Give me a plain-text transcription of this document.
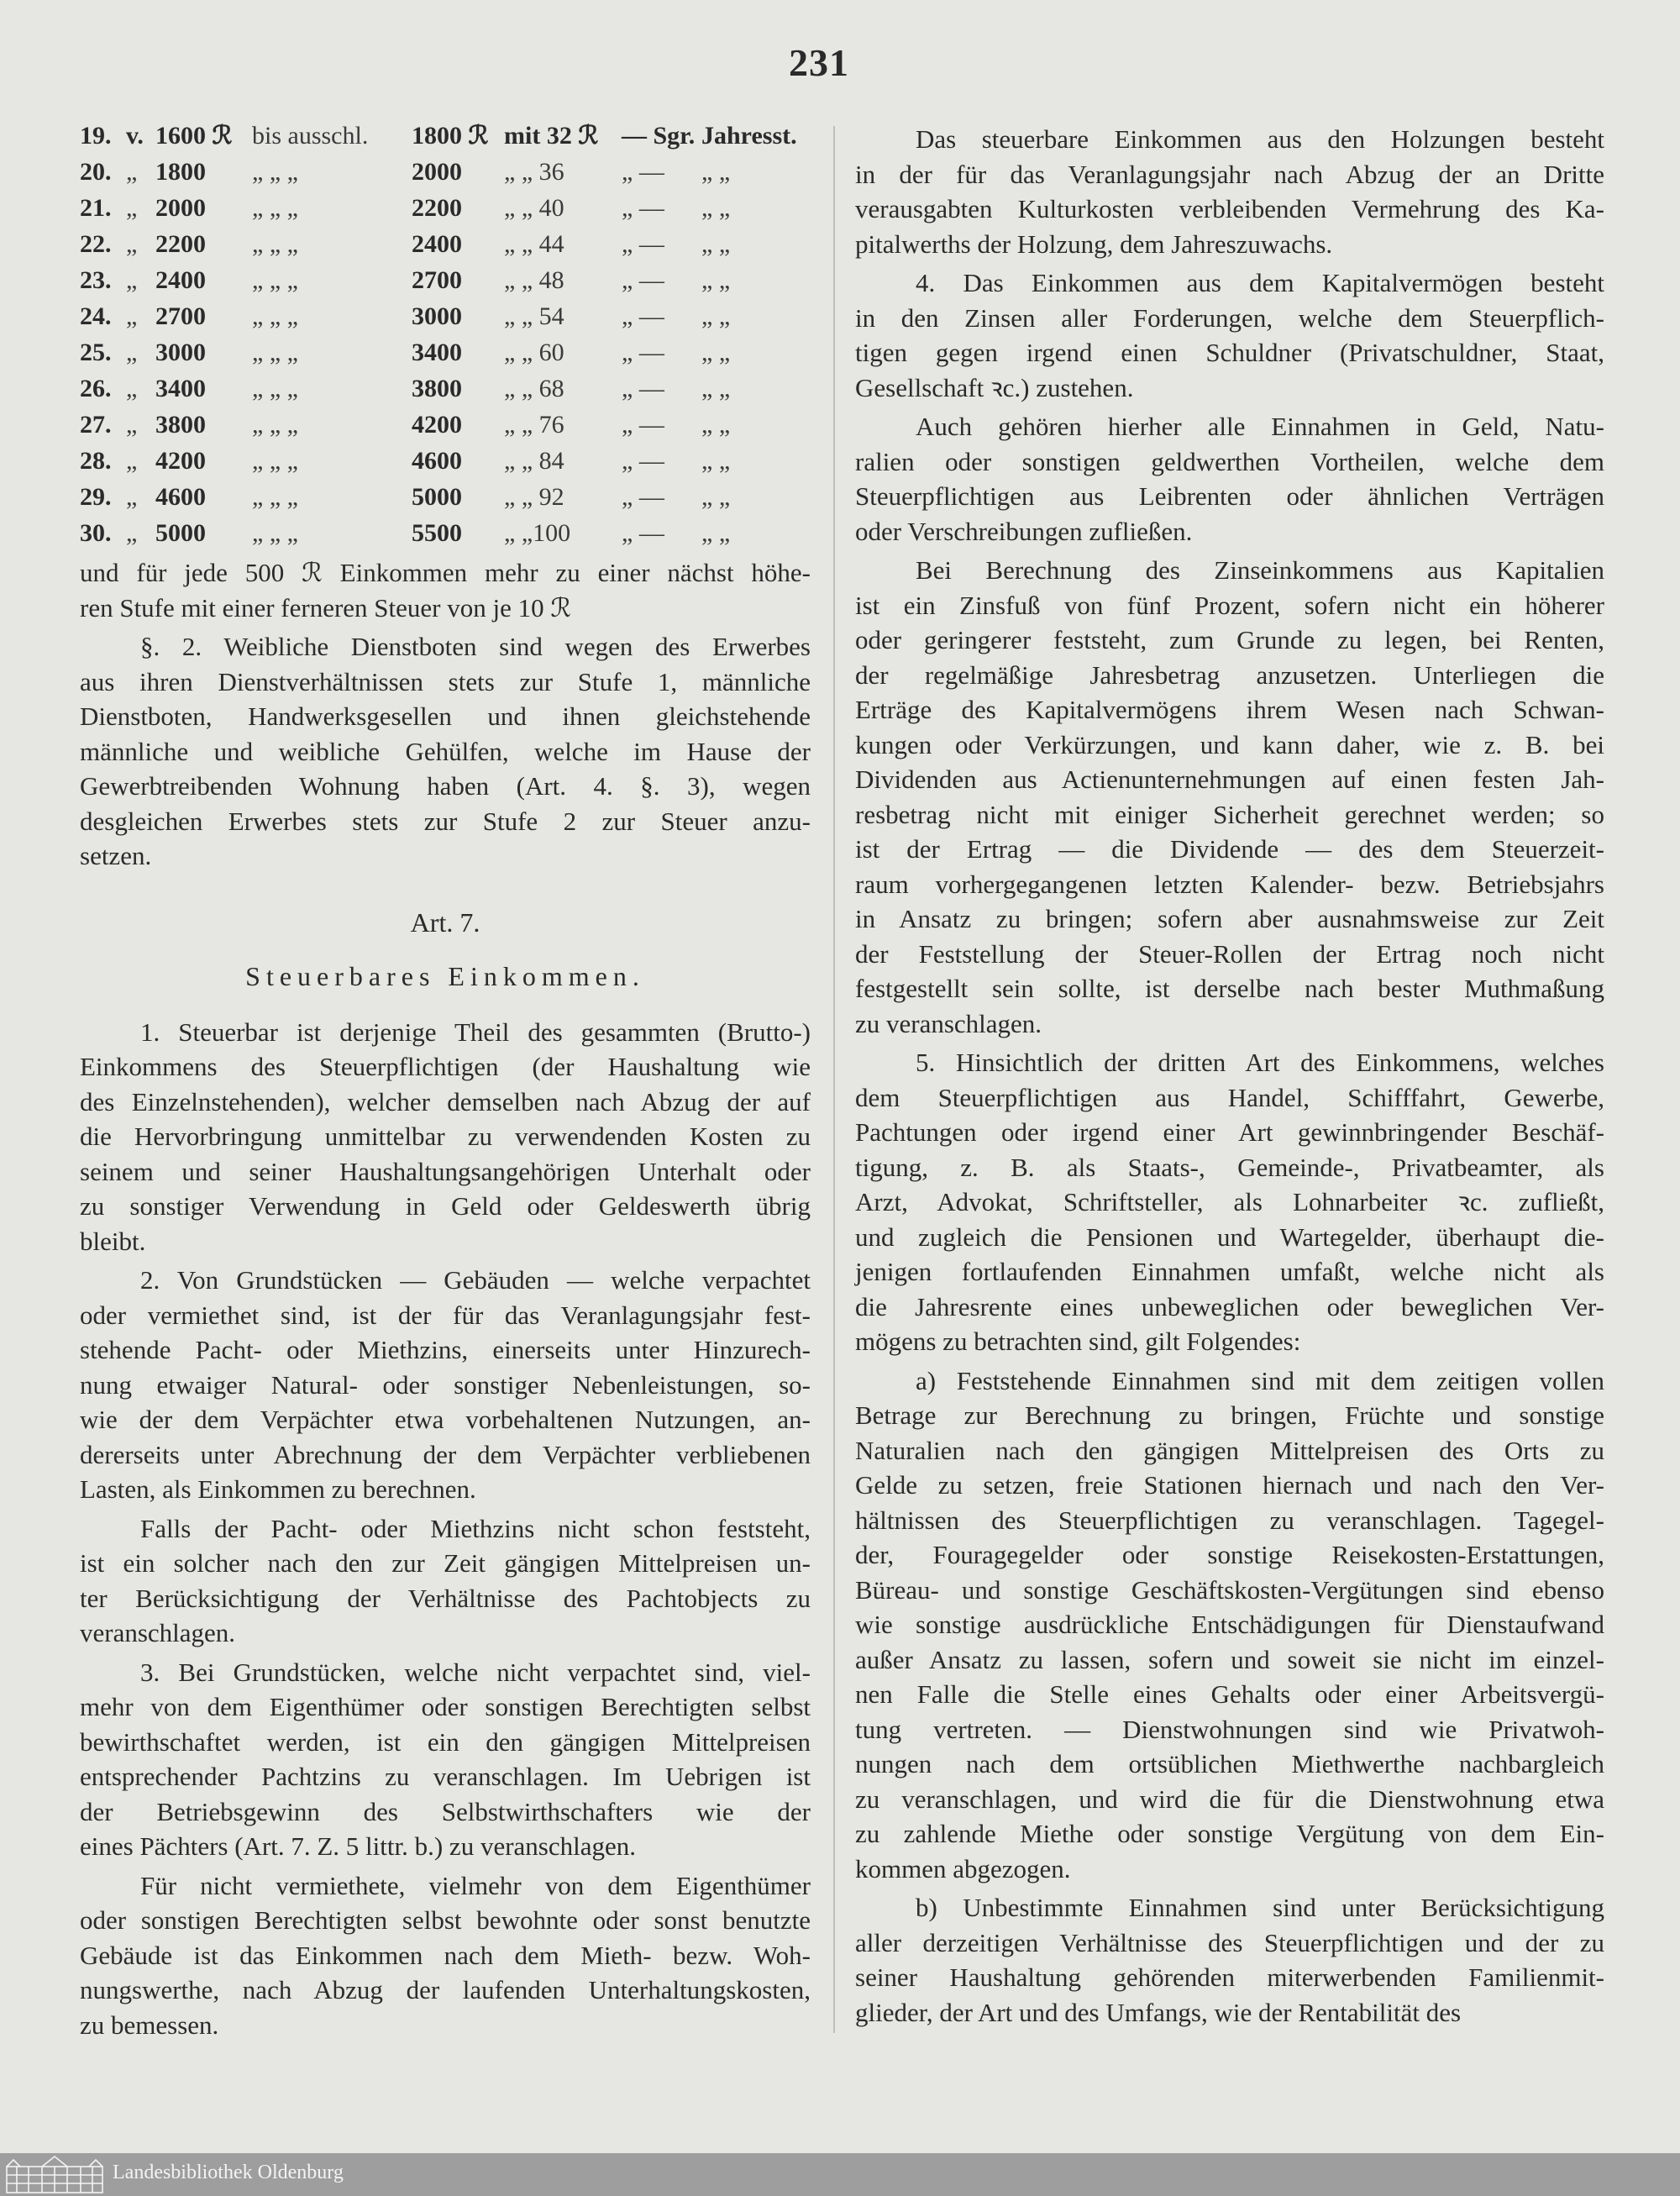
231
19. v. 1600 ℛ bis ausschl.	1800 ℛ mit 32 ℛ — Sgr. Jahresst.
20. „ 1800	„ „ „	2000	„ „ 36	„ —	„ „
21. „ 2000	„ „ „	2200	„ „ 40	„ —	„ „
22. „ 2200	„ „ „	2400	„ „ 44	„ —	„ „
23. „ 2400	„ „ „	2700	„ „ 48	„ —	„ „
24. „ 2700	„ „ „	3000	„ „ 54	„ —	„ „
25. „ 3000	„ „ „	3400	„ „ 60	„ —	„ „
26. „ 3400	„ „ „	3800	„ „ 68	„ —	„ „
27. „ 3800	„ „ „	4200	„ „ 76	„ —	„ „
28. „ 4200	„ „ „	4600	„ „ 84	„ —	„ „
29. „ 4600	„ „ „	5000	„ „ 92	„ —	„ „
30. „ 5000	„ „ „	5500	„ „100	„ —	„ „
und für jede 500 ℛ Einkommen mehr zu einer nächst höhe-
ren Stufe mit einer ferneren Steuer von je 10 ℛ
§. 2. Weibliche Dienstboten sind wegen des Erwerbes
aus ihren Dienstverhältnissen stets zur Stufe 1, männliche
Dienstboten, Handwerksgesellen und ihnen gleichstehende
männliche und weibliche Gehülfen, welche im Hause der
Gewerbtreibenden Wohnung haben (Art. 4. §. 3), wegen
desgleichen Erwerbes stets zur Stufe 2 zur Steuer anzu-
setzen.
Art. 7.
Steuerbares Einkommen.
1. Steuerbar ist derjenige Theil des gesammten (Brutto-)
Einkommens des Steuerpflichtigen (der Haushaltung wie
des Einzelnstehenden), welcher demselben nach Abzug der auf
die Hervorbringung unmittelbar zu verwendenden Kosten zu
seinem und seiner Haushaltungsangehörigen Unterhalt oder
zu sonstiger Verwendung in Geld oder Geldeswerth übrig
bleibt.
2. Von Grundstücken — Gebäuden — welche verpachtet
oder vermiethet sind, ist der für das Veranlagungsjahr fest-
stehende Pacht- oder Miethzins, einerseits unter Hinzurech-
nung etwaiger Natural- oder sonstiger Nebenleistungen, so-
wie der dem Verpächter etwa vorbehaltenen Nutzungen, an-
dererseits unter Abrechnung der dem Verpächter verbliebenen
Lasten, als Einkommen zu berechnen.
Falls der Pacht- oder Miethzins nicht schon feststeht,
ist ein solcher nach den zur Zeit gängigen Mittelpreisen un-
ter Berücksichtigung der Verhältnisse des Pachtobjects zu
veranschlagen.
3. Bei Grundstücken, welche nicht verpachtet sind, viel-
mehr von dem Eigenthümer oder sonstigen Berechtigten selbst
bewirthschaftet werden, ist ein den gängigen Mittelpreisen
entsprechender Pachtzins zu veranschlagen. Im Uebrigen ist
der Betriebsgewinn des Selbstwirthschafters wie der
eines Pächters (Art. 7. Z. 5 littr. b.) zu veranschlagen.
Für nicht vermiethete, vielmehr von dem Eigenthümer
oder sonstigen Berechtigten selbst bewohnte oder sonst benutzte
Gebäude ist das Einkommen nach dem Mieth- bezw. Woh-
nungswerthe, nach Abzug der laufenden Unterhaltungskosten,
zu bemessen.
Das steuerbare Einkommen aus den Holzungen besteht
in der für das Veranlagungsjahr nach Abzug der an Dritte
verausgabten Kulturkosten verbleibenden Vermehrung des Ka-
pitalwerths der Holzung, dem Jahreszuwachs.
4. Das Einkommen aus dem Kapitalvermögen besteht
in den Zinsen aller Forderungen, welche dem Steuerpflich-
tigen gegen irgend einen Schuldner (Privatschuldner, Staat,
Gesellschaft ꝛc.) zustehen.
Auch gehören hierher alle Einnahmen in Geld, Natu-
ralien oder sonstigen geldwerthen Vortheilen, welche dem
Steuerpflichtigen aus Leibrenten oder ähnlichen Verträgen
oder Verschreibungen zufließen.
Bei Berechnung des Zinseinkommens aus Kapitalien
ist ein Zinsfuß von fünf Prozent, sofern nicht ein höherer
oder geringerer feststeht, zum Grunde zu legen, bei Renten,
der regelmäßige Jahresbetrag anzusetzen. Unterliegen die
Erträge des Kapitalvermögens ihrem Wesen nach Schwan-
kungen oder Verkürzungen, und kann daher, wie z. B. bei
Dividenden aus Actienunternehmungen auf einen festen Jah-
resbetrag nicht mit einiger Sicherheit gerechnet werden; so
ist der Ertrag — die Dividende — des dem Steuerzeit-
raum vorhergegangenen letzten Kalender- bezw. Betriebsjahrs
in Ansatz zu bringen; sofern aber ausnahmsweise zur Zeit
der Feststellung der Steuer-Rollen der Ertrag noch nicht
festgestellt sein sollte, ist derselbe nach bester Muthmaßung
zu veranschlagen.
5. Hinsichtlich der dritten Art des Einkommens, welches
dem Steuerpflichtigen aus Handel, Schifffahrt, Gewerbe,
Pachtungen oder irgend einer Art gewinnbringender Beschäf-
tigung, z. B. als Staats-, Gemeinde-, Privatbeamter, als
Arzt, Advokat, Schriftsteller, als Lohnarbeiter ꝛc. zufließt,
und zugleich die Pensionen und Wartegelder, überhaupt die-
jenigen fortlaufenden Einnahmen umfaßt, welche nicht als
die Jahresrente eines unbeweglichen oder beweglichen Ver-
mögens zu betrachten sind, gilt Folgendes:
a) Feststehende Einnahmen sind mit dem zeitigen vollen
Betrage zur Berechnung zu bringen, Früchte und sonstige
Naturalien nach den gängigen Mittelpreisen des Orts zu
Gelde zu setzen, freie Stationen hiernach und nach den Ver-
hältnissen des Steuerpflichtigen zu veranschlagen. Tagegel-
der, Fouragegelder oder sonstige Reisekosten-Erstattungen,
Büreau- und sonstige Geschäftskosten-Vergütungen sind ebenso
wie sonstige ausdrückliche Entschädigungen für Dienstaufwand
außer Ansatz zu lassen, sofern und soweit sie nicht im einzel-
nen Falle die Stelle eines Gehalts oder einer Arbeitsvergü-
tung vertreten. — Dienstwohnungen sind wie Privatwoh-
nungen nach dem ortsüblichen Miethwerthe nachbargleich
zu veranschlagen, und wird die für die Dienstwohnung etwa
zu zahlende Miethe oder sonstige Vergütung von dem Ein-
kommen abgezogen.
b) Unbestimmte Einnahmen sind unter Berücksichtigung
aller derzeitigen Verhältnisse des Steuerpflichtigen und der zu
seiner Haushaltung gehörenden miterwerbenden Familienmit-
glieder, der Art und des Umfangs, wie der Rentabilität des
Landesbibliothek Oldenburg
